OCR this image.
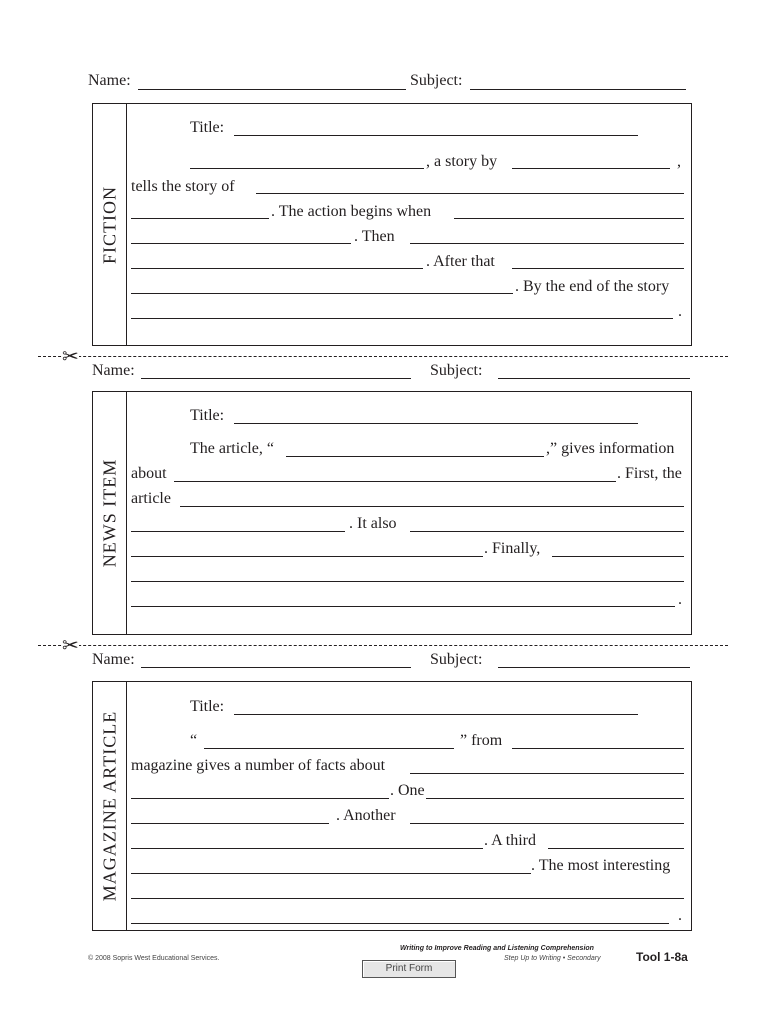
Name:	Subject:
FICTION
Title:
, a story by	,
tells the story of
. The action begins when
. Then
. After that
. By the end of the story
.
✂
Name:	Subject:
NEWS ITEM
Title:
The article, “	,” gives information
about	. First, the
article
. It also
. Finally,
.
✂
Name:	Subject:
MAGAZINE ARTICLE
Title:
“	” from
magazine gives a number of facts about
. One
. Another
. A third
. The most interesting
.
© 2008 Sopris West Educational Services.
Writing to Improve Reading and Listening Comprehension
Step Up to Writing • Secondary	Tool 1-8a
Print Form
